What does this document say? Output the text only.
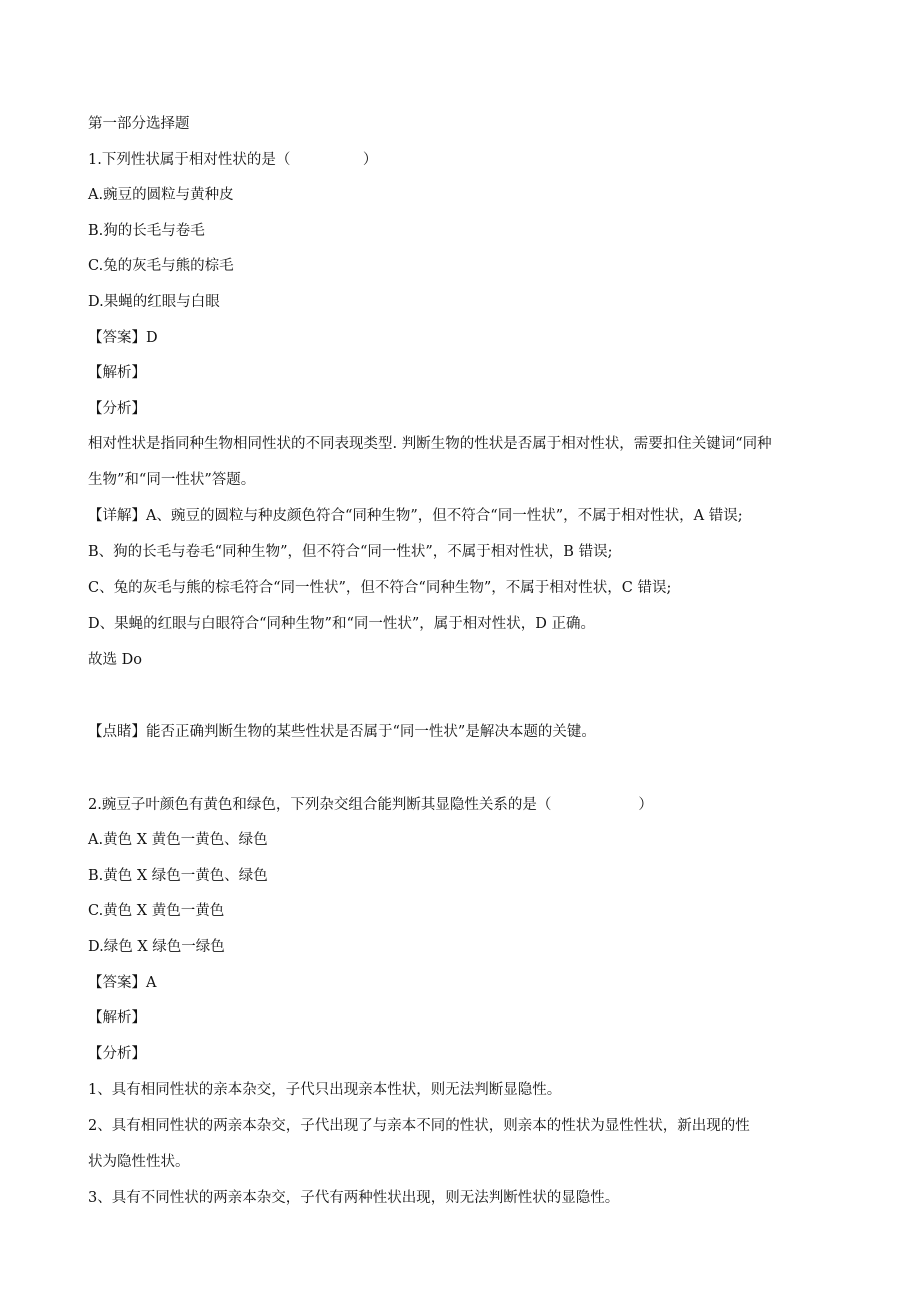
第一部分选择题
1.下列性状属于相对性状的是（　　　　　）
A.豌豆的圆粒与黄种皮
B.狗的长毛与卷毛
C.兔的灰毛与熊的棕毛
D.果蝇的红眼与白眼
【答案】D
【解析】
【分析】
相对性状是指同种生物相同性状的不同表现类型. 判断生物的性状是否属于相对性状，需要扣住关键词“同种
生物”和“同一性状”答题。
【详解】A、豌豆的圆粒与种皮颜色符合“同种生物”，但不符合“同一性状”，不属于相对性状，A 错误;
B、狗的长毛与卷毛“同种生物”，但不符合“同一性状”，不属于相对性状，B 错误;
C、兔的灰毛与熊的棕毛符合“同一性状”，但不符合“同种生物”，不属于相对性状，C 错误;
D、果蝇的红眼与白眼符合“同种生物”和“同一性状”，属于相对性状，D 正确。
故选 Do
【点睹】能否正确判断生物的某些性状是否属于“同一性状”是解决本题的关键。
2.豌豆子叶颜色有黄色和绿色，下列杂交组合能判断其显隐性关系的是（　　　　　　）
A.黄色 X 黄色一黄色、绿色
B.黄色 X 绿色一黄色、绿色
C.黄色 X 黄色一黄色
D.绿色 X 绿色一绿色
【答案】A
【解析】
【分析】
1、具有相同性状的亲本杂交，子代只出现亲本性状，则无法判断显隐性。
2、具有相同性状的两亲本杂交，子代出现了与亲本不同的性状，则亲本的性状为显性性状，新出现的性
状为隐性性状。
3、具有不同性状的两亲本杂交，子代有两种性状出现，则无法判断性状的显隐性。
